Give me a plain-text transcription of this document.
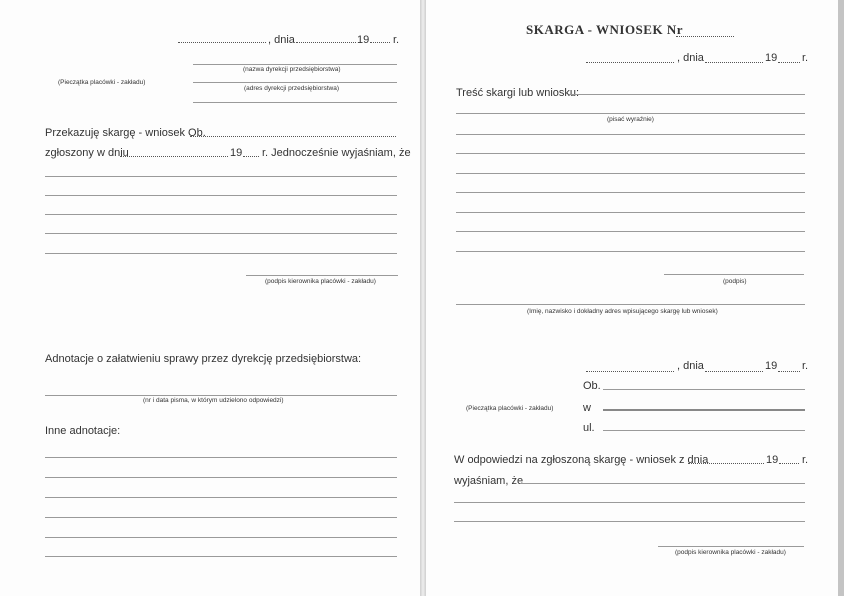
, dnia	19 r.
(Pieczątka placówki - zakładu)
(nazwa dyrekcji przedsiębiorstwa)
(adres dyrekcji przedsiębiorstwa)
Przekazuję skargę - wniosek Ob.
zgłoszony w dniu	19 r. Jednocześnie wyjaśniam, że
(podpis kierownika placówki - zakładu)
Adnotacje o załatwieniu sprawy przez dyrekcję przedsiębiorstwa:
(nr i data pisma, w którym udzielono odpowiedzi)
Inne adnotacje:
SKARGA - WNIOSEK Nr
, dnia	19 r.
Treść skargi lub wniosku:
(pisać wyraźnie)
(podpis)
(Imię, nazwisko i dokładny adres wpisującego skargę lub wniosek)
, dnia	19 r.
Ob.
(Pieczątka placówki - zakładu)	w
ul.
W odpowiedzi na zgłoszoną skargę - wniosek z dnia	19 r.
wyjaśniam, że
(podpis kierownika placówki - zakładu)
